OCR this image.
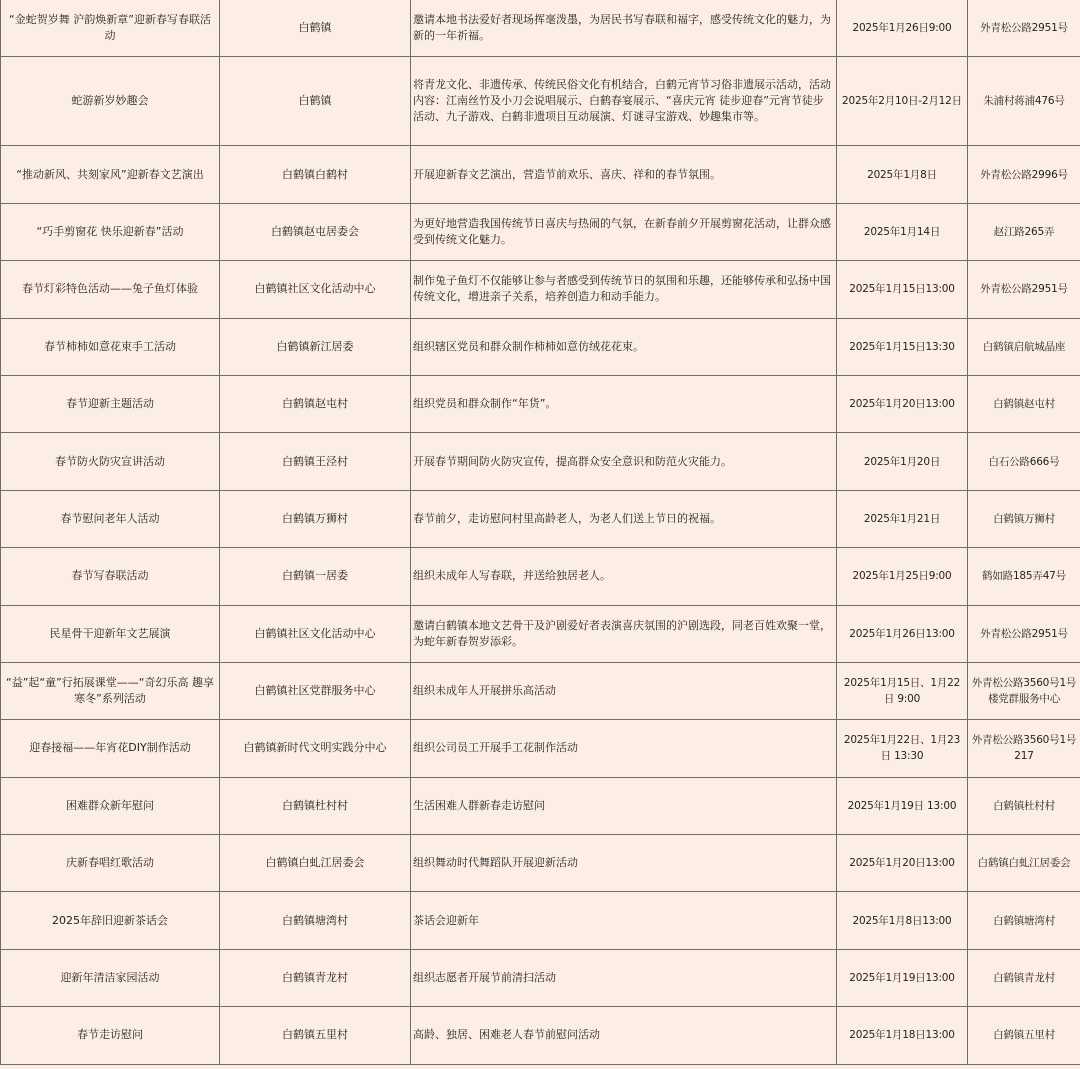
“金蛇贺岁舞 沪韵焕新章”迎新春写春联活动	白鹤镇	邀请本地书法爱好者现场挥毫泼墨，为居民书写春联和福字，感受传统文化的魅力，为新的一年祈福。	2025年1月26日9:00	外青松公路2951号
蛇游新岁妙趣会	白鹤镇	将青龙文化、非遗传承、传统民俗文化有机结合，白鹤元宵节习俗非遗展示活动，活动内容：江南丝竹及小刀会说唱展示、白鹤春宴展示、“喜庆元宵 徒步迎春”元宵节徒步活动、九子游戏、白鹤非遗项目互动展演、灯谜寻宝游戏、妙趣集市等。	2025年2月10日-2月12日	朱浦村蒋浦476号
“推动新风、共刻家风”迎新春文艺演出	白鹤镇白鹤村	开展迎新春文艺演出，营造节前欢乐、喜庆、祥和的春节氛围。	2025年1月8日	外青松公路2996号
“巧手剪窗花 快乐迎新春”活动	白鹤镇赵屯居委会	为更好地营造我国传统节日喜庆与热闹的气氛，在新春前夕开展剪窗花活动，让群众感受到传统文化魅力。	2025年1月14日	赵江路265弄
春节灯彩特色活动——兔子鱼灯体验	白鹤镇社区文化活动中心	制作兔子鱼灯不仅能够让参与者感受到传统节日的氛围和乐趣，还能够传承和弘扬中国传统文化，增进亲子关系，培养创造力和动手能力。	2025年1月15日13:00	外青松公路2951号
春节柿柿如意花束手工活动	白鹤镇新江居委	组织辖区党员和群众制作柿柿如意仿绒花花束。	2025年1月15日13:30	白鹤镇启航城晶座
春节迎新主题活动	白鹤镇赵屯村	组织党员和群众制作“年货”。	2025年1月20日13:00	白鹤镇赵屯村
春节防火防灾宣讲活动	白鹤镇王泾村	开展春节期间防火防灾宣传，提高群众安全意识和防范火灾能力。	2025年1月20日	白石公路666号
春节慰问老年人活动	白鹤镇万狮村	春节前夕，走访慰问村里高龄老人，为老人们送上节日的祝福。	2025年1月21日	白鹤镇万狮村
春节写春联活动	白鹤镇一居委	组织未成年人写春联，并送给独居老人。	2025年1月25日9:00	鹤如路185弄47号
民星骨干迎新年文艺展演	白鹤镇社区文化活动中心	邀请白鹤镇本地文艺骨干及沪剧爱好者表演喜庆氛围的沪剧选段，同老百姓欢聚一堂，为蛇年新春贺岁添彩。	2025年1月26日13:00	外青松公路2951号
“益”起“童”行拓展课堂——“奇幻乐高 趣享寒冬”系列活动	白鹤镇社区党群服务中心	组织未成年人开展拼乐高活动	2025年1月15日、1月22日 9:00	外青松公路3560号1号楼党群服务中心
迎春接福——年宵花DIY制作活动	白鹤镇新时代文明实践分中心	组织公司员工开展手工花制作活动	2025年1月22日、1月23日 13:30	外青松公路3560号1号217
困难群众新年慰问	白鹤镇杜村村	生活困难人群新春走访慰问	2025年1月19日 13:00	白鹤镇杜村村
庆新春唱红歌活动	白鹤镇白虬江居委会	组织舞动时代舞蹈队开展迎新活动	2025年1月20日13:00	白鹤镇白虬江居委会
2025年辞旧迎新茶话会	白鹤镇塘湾村	茶话会迎新年	2025年1月8日13:00	白鹤镇塘湾村
迎新年清洁家园活动	白鹤镇青龙村	组织志愿者开展节前清扫活动	2025年1月19日13:00	白鹤镇青龙村
春节走访慰问	白鹤镇五里村	高龄、独居、困难老人春节前慰问活动	2025年1月18日13:00	白鹤镇五里村
